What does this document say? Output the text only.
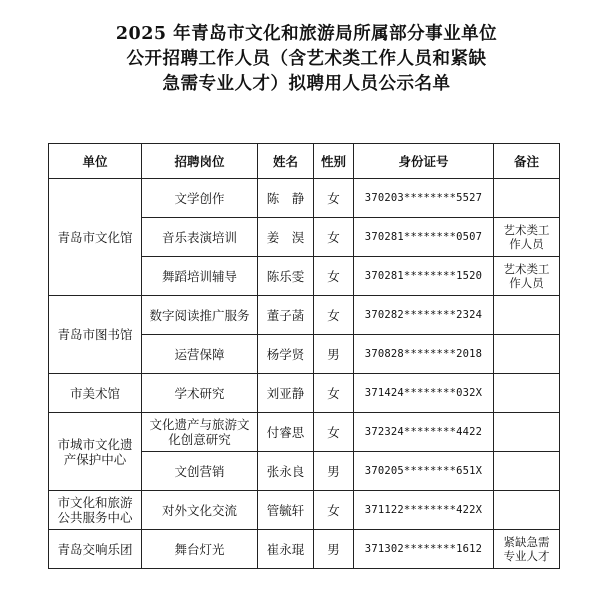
2025 年青岛市文化和旅游局所属部分事业单位
公开招聘工作人员（含艺术类工作人员和紧缺
急需专业人才）拟聘用人员公示名单
单位	招聘岗位	姓名	性别	身份证号	备注
青岛市文化馆	文学创作	陈　静	女	370203********5527	
	音乐表演培训	姜　淏	女	370281********0507	艺术类工作人员
	舞蹈培训辅导	陈乐雯	女	370281********1520	艺术类工作人员
青岛市图书馆	数字阅读推广服务	董子菡	女	370282********2324	
	运营保障	杨学贤	男	370828********2018	
市美术馆	学术研究	刘亚静	女	371424********032X	
市城市文化遗产保护中心	文化遗产与旅游文化创意研究	付睿思	女	372324********4422	
	文创营销	张永良	男	370205********651X	
市文化和旅游公共服务中心	对外文化交流	管毓轩	女	371122********422X	
青岛交响乐团	舞台灯光	崔永琨	男	371302********1612	紧缺急需专业人才
